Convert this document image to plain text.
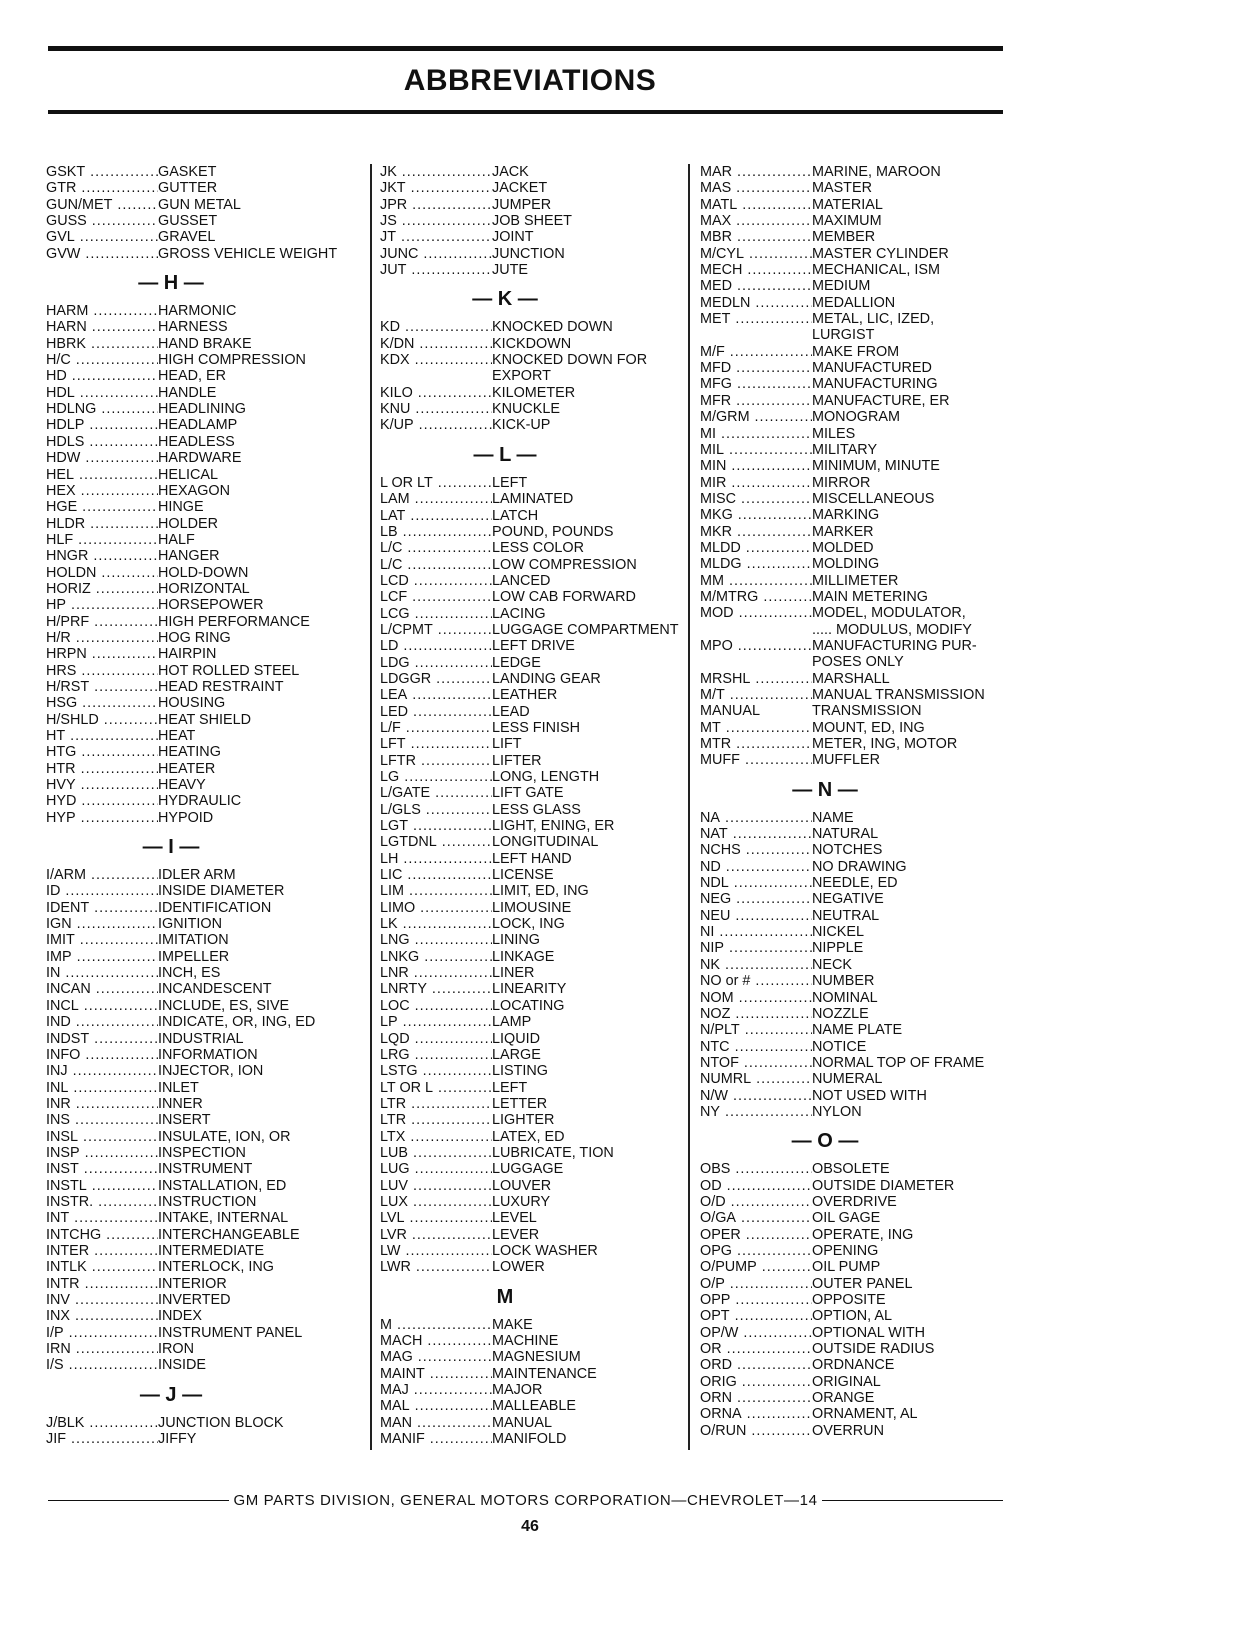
ABBREVIATIONS
GSKT .....	GASKET
GTR .....	GUTTER
GUN/MET .....	GUN METAL
GUSS .....	GUSSET
GVL .....	GRAVEL
GVW .....	GROSS VEHICLE WEIGHT
— H —
HARM .....	HARMONIC
HARN .....	HARNESS
HBRK .....	HAND BRAKE
H/C .....	HIGH COMPRESSION
HD .....	HEAD, ER
HDL .....	HANDLE
HDLNG .....	HEADLINING
HDLP .....	HEADLAMP
HDLS .....	HEADLESS
HDW .....	HARDWARE
HEL .....	HELICAL
HEX .....	HEXAGON
HGE .....	HINGE
HLDR .....	HOLDER
HLF .....	HALF
HNGR .....	HANGER
HOLDN .....	HOLD-DOWN
HORIZ .....	HORIZONTAL
HP .....	HORSEPOWER
H/PRF .....	HIGH PERFORMANCE
H/R .....	HOG RING
HRPN .....	HAIRPIN
HRS .....	HOT ROLLED STEEL
H/RST .....	HEAD RESTRAINT
HSG .....	HOUSING
H/SHLD .....	HEAT SHIELD
HT .....	HEAT
HTG .....	HEATING
HTR .....	HEATER
HVY .....	HEAVY
HYD .....	HYDRAULIC
HYP .....	HYPOID
— I —
I/ARM .....	IDLER ARM
ID .....	INSIDE DIAMETER
IDENT .....	IDENTIFICATION
IGN .....	IGNITION
IMIT .....	IMITATION
IMP .....	IMPELLER
IN .....	INCH, ES
INCAN .....	INCANDESCENT
INCL .....	INCLUDE, ES, SIVE
IND .....	INDICATE, OR, ING, ED
INDST .....	INDUSTRIAL
INFO .....	INFORMATION
INJ .....	INJECTOR, ION
INL .....	INLET
INR .....	INNER
INS .....	INSERT
INSL .....	INSULATE, ION, OR
INSP .....	INSPECTION
INST .....	INSTRUMENT
INSTL .....	INSTALLATION, ED
INSTR. .....	INSTRUCTION
INT .....	INTAKE, INTERNAL
INTCHG .....	INTERCHANGEABLE
INTER .....	INTERMEDIATE
INTLK .....	INTERLOCK, ING
INTR .....	INTERIOR
INV .....	INVERTED
INX .....	INDEX
I/P .....	INSTRUMENT PANEL
IRN .....	IRON
I/S .....	INSIDE
— J —
J/BLK .....	JUNCTION BLOCK
JIF .....	JIFFY
JK .....	JACK
JKT .....	JACKET
JPR .....	JUMPER
JS .....	JOB SHEET
JT .....	JOINT
JUNC .....	JUNCTION
JUT .....	JUTE
— K —
KD .....	KNOCKED DOWN
K/DN .....	KICKDOWN
KDX .....	KNOCKED DOWN FOR
EXPORT
KILO .....	KILOMETER
KNU .....	KNUCKLE
K/UP .....	KICK-UP
— L —
L OR LT .....	LEFT
LAM .....	LAMINATED
LAT .....	LATCH
LB .....	POUND, POUNDS
L/C .....	LESS COLOR
L/C .....	LOW COMPRESSION
LCD .....	LANCED
LCF .....	LOW CAB FORWARD
LCG .....	LACING
L/CPMT .....	LUGGAGE COMPARTMENT
LD .....	LEFT DRIVE
LDG .....	LEDGE
LDGGR .....	LANDING GEAR
LEA .....	LEATHER
LED .....	LEAD
L/F .....	LESS FINISH
LFT .....	LIFT
LFTR .....	LIFTER
LG .....	LONG, LENGTH
L/GATE .....	LIFT GATE
L/GLS .....	LESS GLASS
LGT .....	LIGHT, ENING, ER
LGTDNL .....	LONGITUDINAL
LH .....	LEFT HAND
LIC .....	LICENSE
LIM .....	LIMIT, ED, ING
LIMO .....	LIMOUSINE
LK .....	LOCK, ING
LNG .....	LINING
LNKG .....	LINKAGE
LNR .....	LINER
LNRTY .....	LINEARITY
LOC .....	LOCATING
LP .....	LAMP
LQD .....	LIQUID
LRG .....	LARGE
LSTG .....	LISTING
LT OR L .....	LEFT
LTR .....	LETTER
LTR .....	LIGHTER
LTX .....	LATEX, ED
LUB .....	LUBRICATE, TION
LUG .....	LUGGAGE
LUV .....	LOUVER
LUX .....	LUXURY
LVL .....	LEVEL
LVR .....	LEVER
LW .....	LOCK WASHER
LWR .....	LOWER
M
M .....	MAKE
MACH .....	MACHINE
MAG .....	MAGNESIUM
MAINT .....	MAINTENANCE
MAJ .....	MAJOR
MAL .....	MALLEABLE
MAN .....	MANUAL
MANIF .....	MANIFOLD
MAR .....	MARINE, MAROON
MAS .....	MASTER
MATL .....	MATERIAL
MAX .....	MAXIMUM
MBR .....	MEMBER
M/CYL .....	MASTER CYLINDER
MECH .....	MECHANICAL, ISM
MED .....	MEDIUM
MEDLN .....	MEDALLION
MET .....	METAL, LIC, IZED,
LURGIST
M/F .....	MAKE FROM
MFD .....	MANUFACTURED
MFG .....	MANUFACTURING
MFR .....	MANUFACTURE, ER
M/GRM .....	MONOGRAM
MI .....	MILES
MIL .....	MILITARY
MIN .....	MINIMUM, MINUTE
MIR .....	MIRROR
MISC .....	MISCELLANEOUS
MKG .....	MARKING
MKR .....	MARKER
MLDD .....	MOLDED
MLDG .....	MOLDING
MM .....	MILLIMETER
M/MTRG .....	MAIN METERING
MOD .....	MODEL, MODULATOR,
..... MODULUS, MODIFY
MPO .....	MANUFACTURING PUR-
POSES ONLY
MRSHL .....	MARSHALL
M/T .....	MANUAL TRANSMISSION
MANUAL	TRANSMISSION
MT .....	MOUNT, ED, ING
MTR .....	METER, ING, MOTOR
MUFF .....	MUFFLER
— N —
NA .....	NAME
NAT .....	NATURAL
NCHS .....	NOTCHES
ND .....	NO DRAWING
NDL .....	NEEDLE, ED
NEG .....	NEGATIVE
NEU .....	NEUTRAL
NI .....	NICKEL
NIP .....	NIPPLE
NK .....	NECK
NO or # .....	NUMBER
NOM .....	NOMINAL
NOZ .....	NOZZLE
N/PLT .....	NAME PLATE
NTC .....	NOTICE
NTOF .....	NORMAL TOP OF FRAME
NUMRL .....	NUMERAL
N/W .....	NOT USED WITH
NY .....	NYLON
— O —
OBS .....	OBSOLETE
OD .....	OUTSIDE DIAMETER
O/D .....	OVERDRIVE
O/GA .....	OIL GAGE
OPER .....	OPERATE, ING
OPG .....	OPENING
O/PUMP .....	OIL PUMP
O/P .....	OUTER PANEL
OPP .....	OPPOSITE
OPT .....	OPTION, AL
OP/W .....	OPTIONAL WITH
OR .....	OUTSIDE RADIUS
ORD .....	ORDNANCE
ORIG .....	ORIGINAL
ORN .....	ORANGE
ORNA .....	ORNAMENT, AL
O/RUN .....	OVERRUN
GM PARTS DIVISION, GENERAL MOTORS CORPORATION—CHEVROLET—14
46
